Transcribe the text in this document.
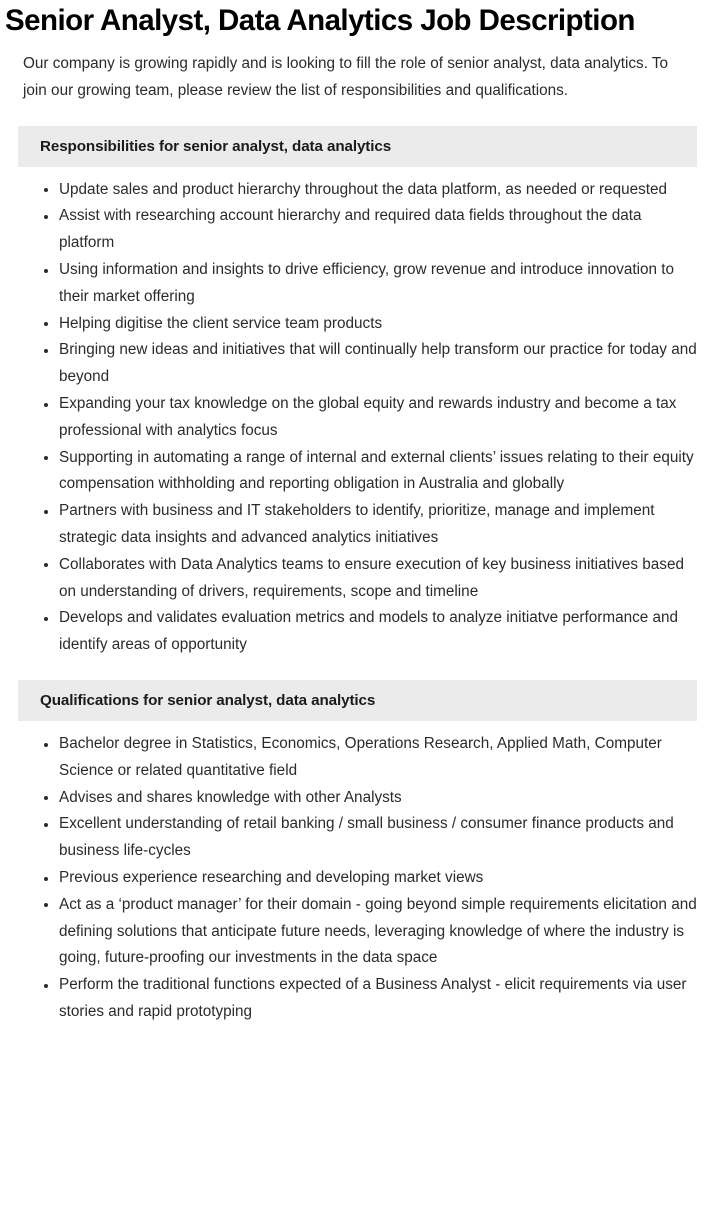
Senior Analyst, Data Analytics Job Description

Our company is growing rapidly and is looking to fill the role of senior analyst, data analytics. To join our growing team, please review the list of responsibilities and qualifications.

Responsibilities for senior analyst, data analytics
Update sales and product hierarchy throughout the data platform, as needed or requested
Assist with researching account hierarchy and required data fields throughout the data platform
Using information and insights to drive efficiency, grow revenue and introduce innovation to their market offering
Helping digitise the client service team products
Bringing new ideas and initiatives that will continually help transform our practice for today and beyond
Expanding your tax knowledge on the global equity and rewards industry and become a tax professional with analytics focus
Supporting in automating a range of internal and external clients’ issues relating to their equity compensation withholding and reporting obligation in Australia and globally
Partners with business and IT stakeholders to identify, prioritize, manage and implement strategic data insights and advanced analytics initiatives
Collaborates with Data Analytics teams to ensure execution of key business initiatives based on understanding of drivers, requirements, scope and timeline
Develops and validates evaluation metrics and models to analyze initiatve performance and identify areas of opportunity
Qualifications for senior analyst, data analytics
Bachelor degree in Statistics, Economics, Operations Research, Applied Math, Computer Science or related quantitative field
Advises and shares knowledge with other Analysts
Excellent understanding of retail banking / small business / consumer finance products and business life-cycles
Previous experience researching and developing market views
Act as a ‘product manager’ for their domain - going beyond simple requirements elicitation and defining solutions that anticipate future needs, leveraging knowledge of where the industry is going, future-proofing our investments in the data space
Perform the traditional functions expected of a Business Analyst - elicit requirements via user stories and rapid prototyping
